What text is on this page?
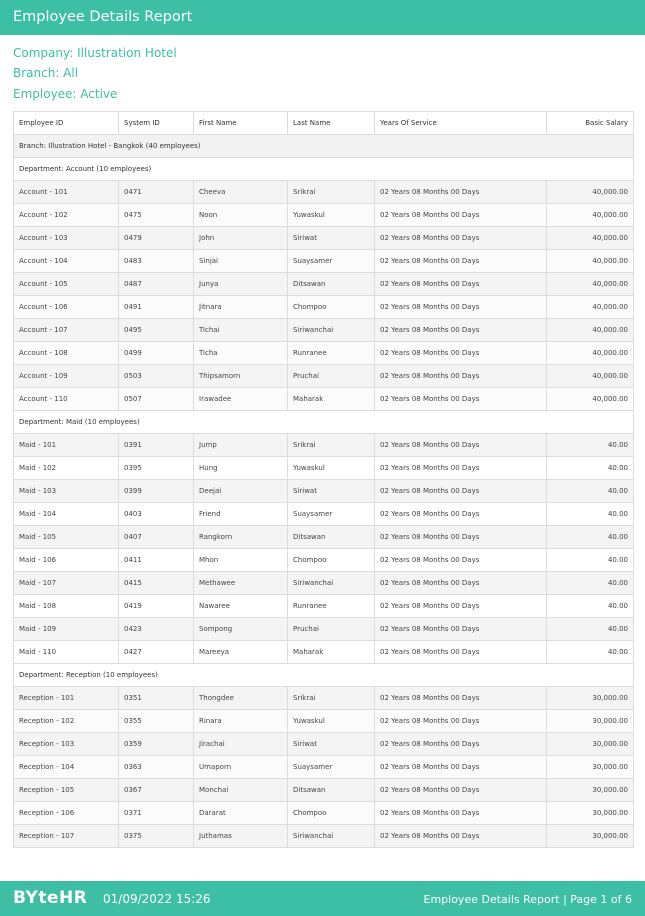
Employee Details Report
Company: Illustration Hotel
Branch: All
Employee: Active
Employee ID	System ID	First Name	Last Name	Years Of Service	Basic Salary
Branch: Illustration Hotel - Bangkok (40 employees)					
Department: Account (10 employees)					
Account - 101	0471	Cheeva	Srikrai	02 Years 08 Months 00 Days	40,000.00
Account - 102	0475	Noon	Yuwaskul	02 Years 08 Months 00 Days	40,000.00
Account - 103	0479	John	Siriwat	02 Years 08 Months 00 Days	40,000.00
Account - 104	0483	Sinjai	Suaysamer	02 Years 08 Months 00 Days	40,000.00
Account - 105	0487	Junya	Ditsawan	02 Years 08 Months 00 Days	40,000.00
Account - 106	0491	Jitnara	Chompoo	02 Years 08 Months 00 Days	40,000.00
Account - 107	0495	Tichai	Siriwanchai	02 Years 08 Months 00 Days	40,000.00
Account - 108	0499	Ticha	Runranee	02 Years 08 Months 00 Days	40,000.00
Account - 109	0503	Thipsamorn	Pruchai	02 Years 08 Months 00 Days	40,000.00
Account - 110	0507	Irawadee	Maharak	02 Years 08 Months 00 Days	40,000.00
Department: Maid (10 employees)					
Maid - 101	0391	Jump	Srikrai	02 Years 08 Months 00 Days	40.00
Maid - 102	0395	Hung	Yuwaskul	02 Years 08 Months 00 Days	40.00
Maid - 103	0399	Deejai	Siriwat	02 Years 08 Months 00 Days	40.00
Maid - 104	0403	Friend	Suaysamer	02 Years 08 Months 00 Days	40.00
Maid - 105	0407	Rangkorn	Ditsawan	02 Years 08 Months 00 Days	40.00
Maid - 106	0411	Mhon	Chompoo	02 Years 08 Months 00 Days	40.00
Maid - 107	0415	Methawee	Siriwanchai	02 Years 08 Months 00 Days	40.00
Maid - 108	0419	Nawaree	Runranee	02 Years 08 Months 00 Days	40.00
Maid - 109	0423	Sompong	Pruchai	02 Years 08 Months 00 Days	40.00
Maid - 110	0427	Mareeya	Maharak	02 Years 08 Months 00 Days	40.00
Department: Reception (10 employees)					
Reception - 101	0351	Thongdee	Srikrai	02 Years 08 Months 00 Days	30,000.00
Reception - 102	0355	Rinara	Yuwaskul	02 Years 08 Months 00 Days	30,000.00
Reception - 103	0359	Jirachai	Siriwat	02 Years 08 Months 00 Days	30,000.00
Reception - 104	0363	Umaporn	Suaysamer	02 Years 08 Months 00 Days	30,000.00
Reception - 105	0367	Monchai	Ditsawan	02 Years 08 Months 00 Days	30,000.00
Reception - 106	0371	Dararat	Chompoo	02 Years 08 Months 00 Days	30,000.00
Reception - 107	0375	Juthamas	Siriwanchai	02 Years 08 Months 00 Days	30,000.00
BYteHR 01/09/2022 15:26	Employee Details Report | Page 1 of 6
